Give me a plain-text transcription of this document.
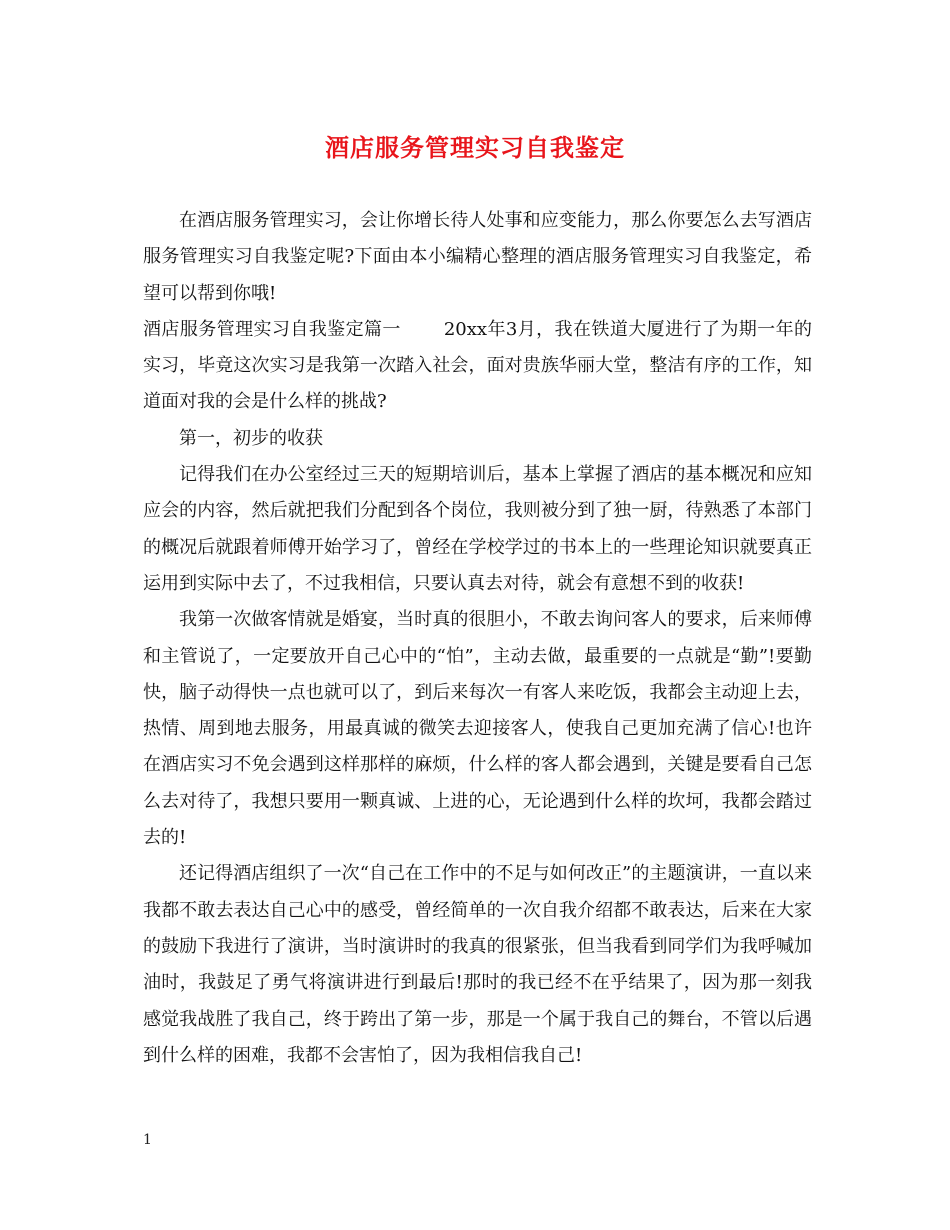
酒店服务管理实习自我鉴定

在酒店服务管理实习，会让你增长待人处事和应变能力，那么你要怎么去写酒店服务管理实习自我鉴定呢?下面由本小编精心整理的酒店服务管理实习自我鉴定，希望可以帮到你哦!

酒店服务管理实习自我鉴定篇一　　 20xx年3月，我在铁道大厦进行了为期一年的实习，毕竟这次实习是我第一次踏入社会，面对贵族华丽大堂，整洁有序的工作，知道面对我的会是什么样的挑战?

第一，初步的收获

记得我们在办公室经过三天的短期培训后，基本上掌握了酒店的基本概况和应知应会的内容，然后就把我们分配到各个岗位，我则被分到了独一厨，待熟悉了本部门的概况后就跟着师傅开始学习了，曾经在学校学过的书本上的一些理论知识就要真正运用到实际中去了，不过我相信，只要认真去对待，就会有意想不到的收获!

我第一次做客情就是婚宴，当时真的很胆小，不敢去询问客人的要求，后来师傅和主管说了，一定要放开自己心中的“怕”，主动去做，最重要的一点就是“勤”!要勤快，脑子动得快一点也就可以了，到后来每次一有客人来吃饭，我都会主动迎上去，热情、周到地去服务，用最真诚的微笑去迎接客人，使我自己更加充满了信心!也许在酒店实习不免会遇到这样那样的麻烦，什么样的客人都会遇到，关键是要看自己怎么去对待了，我想只要用一颗真诚、上进的心，无论遇到什么样的坎坷，我都会踏过去的!

还记得酒店组织了一次“自己在工作中的不足与如何改正”的主题演讲，一直以来我都不敢去表达自己心中的感受，曾经简单的一次自我介绍都不敢表达，后来在大家的鼓励下我进行了演讲，当时演讲时的我真的很紧张，但当我看到同学们为我呼喊加油时，我鼓足了勇气将演讲进行到最后!那时的我已经不在乎结果了，因为那一刻我感觉我战胜了我自己，终于跨出了第一步，那是一个属于我自己的舞台，不管以后遇到什么样的困难，我都不会害怕了，因为我相信我自己!

1
